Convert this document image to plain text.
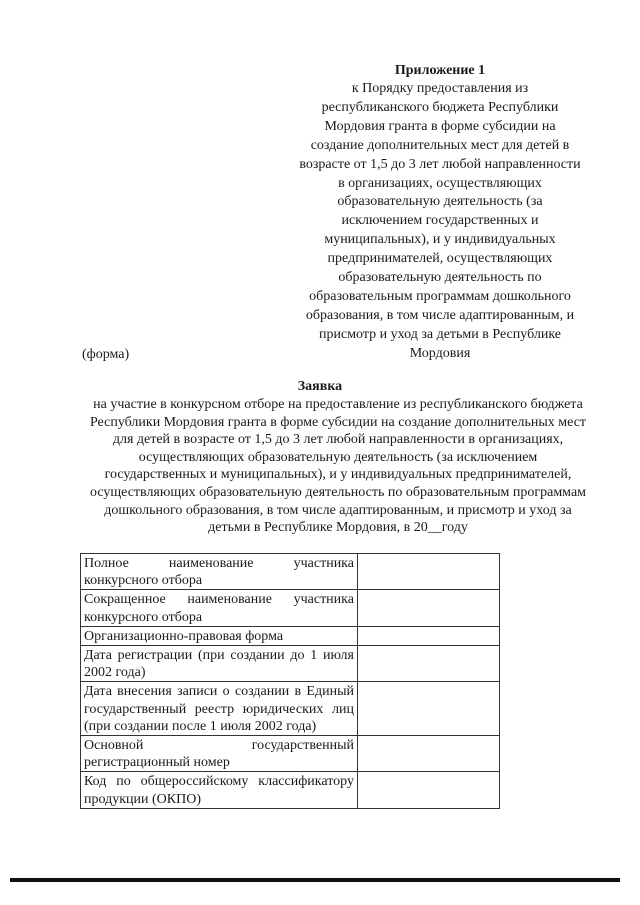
Приложение 1
к Порядку предоставления из республиканского бюджета Республики Мордовия гранта в форме субсидии на создание дополнительных мест для детей в возрасте от 1,5 до 3 лет любой направленности в организациях, осуществляющих образовательную деятельность (за исключением государственных и муниципальных), и у индивидуальных предпринимателей, осуществляющих образовательную деятельность по образовательным программам дошкольного образования, в том числе адаптированным, и присмотр и уход за детьми в Республике Мордовия
(форма)
Заявка
на участие в конкурсном отборе на предоставление из республиканского бюджета Республики Мордовия гранта в форме субсидии на создание дополнительных мест для детей в возрасте от 1,5 до 3 лет любой направленности в организациях, осуществляющих образовательную деятельность (за исключением государственных и муниципальных), и у индивидуальных предпринимателей, осуществляющих образовательную деятельность по образовательным программам дошкольного образования, в том числе адаптированным, и присмотр и уход за детьми в Республике Мордовия, в 20__году
Полное наименование участника конкурсного отбора	
Сокращенное наименование участника конкурсного отбора	
Организационно-правовая форма	
Дата регистрации (при создании до 1 июля 2002 года)	
Дата внесения записи о создании в Единый государственный реестр юридических лиц (при создании после 1 июля 2002 года)	
Основной государственный регистрационный номер	
Код по общероссийскому классификатору продукции (ОКПО)	
